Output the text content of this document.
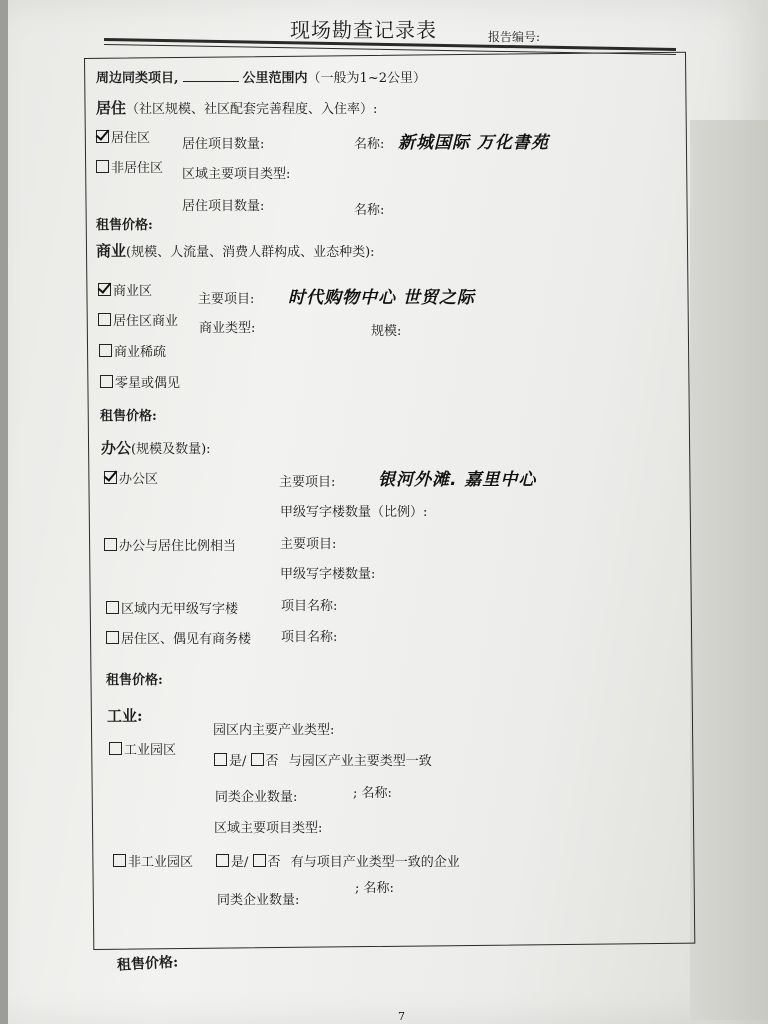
现场勘查记录表	报告编号:
周边同类项目,	公里范围内（一般为1~2公里）
居住（社区规模、社区配套完善程度、入住率）:
居住区 居住项目数量:	名称: 新城国际 万化書苑
非居住区 区域主要项目类型:
居住项目数量:	名称:
租售价格:
商业(规模、人流量、消费人群构成、业态种类):
商业区
主要项目: 时代购物中心 世贸之际
居住区商业 商业类型:	规模:
商业稀疏
零星或偶见
租售价格:
办公(规模及数量):
办公区	主要项目:	银河外滩. 嘉里中心
甲级写字楼数量（比例）:
办公与居住比例相当	主要项目:
甲级写字楼数量:
区域内无甲级写字楼	项目名称:
居住区、偶见有商务楼 项目名称:
租售价格:
工业:
工业园区
园区内主要产业类型:
是/ 否 与园区产业主要类型一致
同类企业数量:	; 名称:
区域主要项目类型:
非工业园区	是/ 否 有与项目产业类型一致的企业
同类企业数量:
; 名称:
租售价格:
7
